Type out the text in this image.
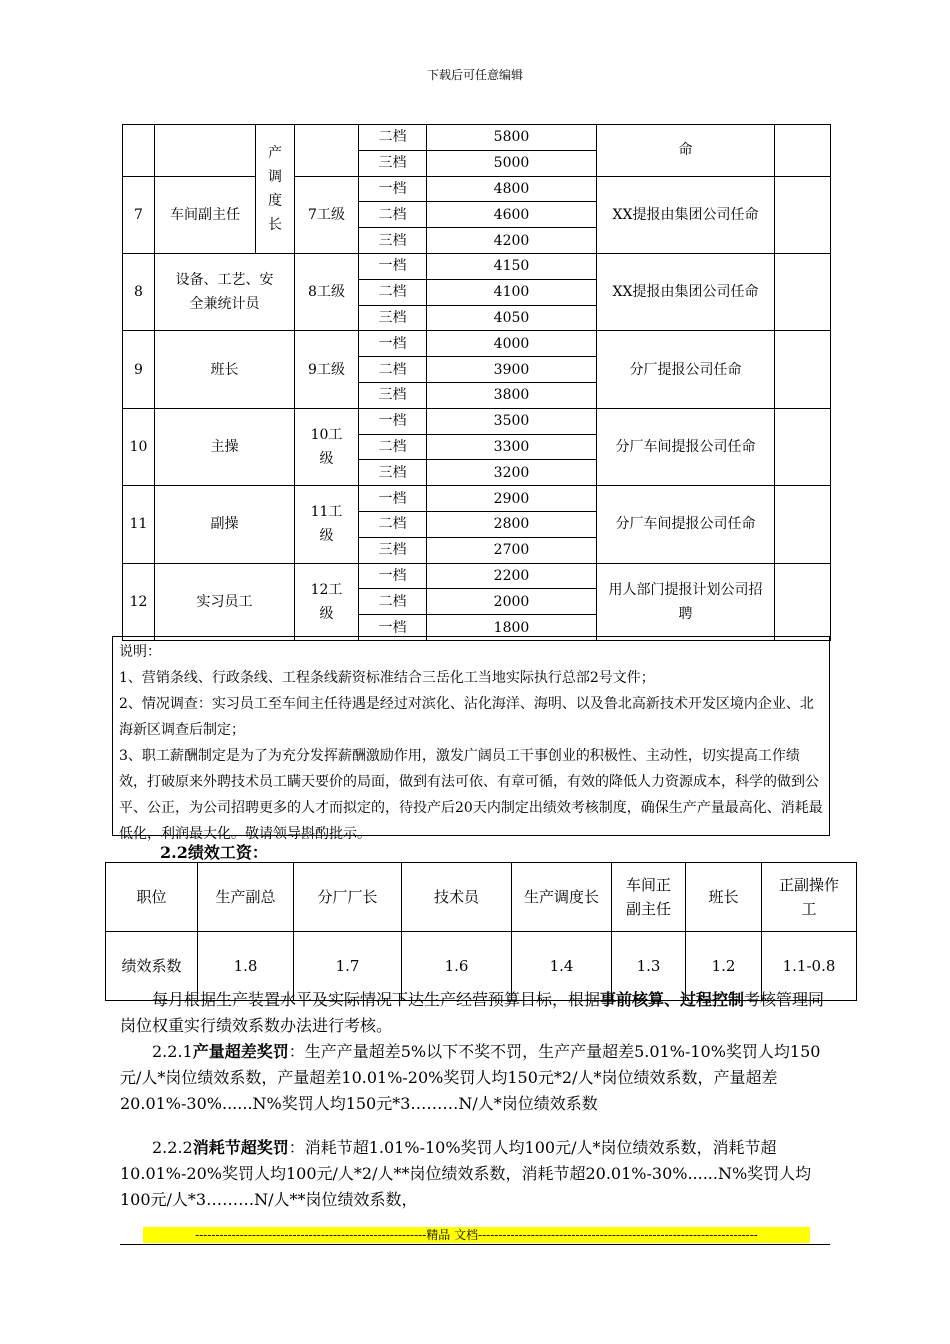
下载后可任意编辑
		产调度长		二档	5800	命	
				三档	5000		
7	车间副主任		7工级	一档	4800	XX提报由集团公司任命	
				二档	4600		
				三档	4200		
8	设备、工艺、安全兼统计员		8工级	一档	4150	XX提报由集团公司任命	
				二档	4100		
				三档	4050		
9	班长		9工级	一档	4000	分厂提报公司任命	
				二档	3900		
				三档	3800		
10	主操		10工级	一档	3500	分厂车间提报公司任命	
				二档	3300		
				三档	3200		
11	副操		11工级	一档	2900	分厂车间提报公司任命	
				二档	2800		
				三档	2700		
12	实习员工		12工级	一档	2200	用人部门提报计划公司招聘	
				二档	2000		
				一档	1800		
说明：
1、营销条线、行政条线、工程条线薪资标准结合三岳化工当地实际执行总部2号文件；
2、情况调查：实习员工至车间主任待遇是经过对滨化、沾化海洋、海明、以及鲁北高新技术开发区境内企业、北海新区调查后制定；
3、职工薪酬制定是为了为充分发挥薪酬激励作用，激发广阔员工干事创业的积极性、主动性，切实提高工作绩效，打破原来外聘技术员工瞒天要价的局面，做到有法可依、有章可循，有效的降低人力资源成本，科学的做到公平、公正，为公司招聘更多的人才而拟定的，待投产后20天内制定出绩效考核制度，确保生产产量最高化、消耗最低化，利润最大化。敬请领导斟酌批示。
2.2绩效工资：
职位	生产副总	分厂厂长	技术员	生产调度长	车间正副主任	班长	正副操作工
绩效系数	1.8	1.7	1.6	1.4	1.3	1.2	1.1-0.8

每月根据生产装置水平及实际情况下达生产经营预算目标，根据事前核算、过程控制考核管理同岗位权重实行绩效系数办法进行考核。

2.2.1产量超差奖罚：生产产量超差5%以下不奖不罚，生产产量超差5.01%-10%奖罚人均150元/人*岗位绩效系数，产量超差10.01%-20%奖罚人均150元*2/人*岗位绩效系数，产量超差20.01%-30%......N%奖罚人均150元*3………N/人*岗位绩效系数

2.2.2消耗节超奖罚：消耗节超1.01%-10%奖罚人均100元/人*岗位绩效系数，消耗节超10.01%-20%奖罚人均100元/人*2/人**岗位绩效系数，消耗节超20.01%-30%......N%奖罚人均100元/人*3………N/人**岗位绩效系数，

---------------------------------------------------------精品 文档---------------------------------------------------------------------
